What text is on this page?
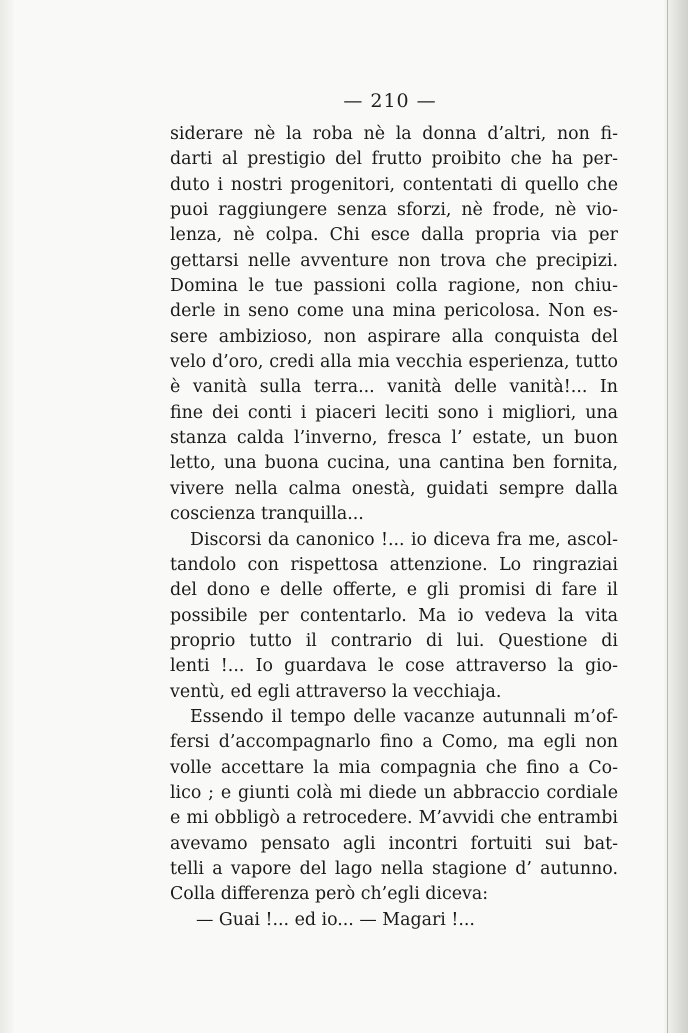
— 210 —
siderare nè la roba nè la donna d’altri, non fi-
darti al prestigio del frutto proibito che ha per-
duto i nostri progenitori, contentati di quello che
puoi raggiungere senza sforzi, nè frode, nè vio-
lenza, nè colpa. Chi esce dalla propria via per
gettarsi nelle avventure non trova che precipizi.
Domina le tue passioni colla ragione, non chiu-
derle in seno come una mina pericolosa. Non es-
sere ambizioso, non aspirare alla conquista del
velo d’oro, credi alla mia vecchia esperienza, tutto
è vanità sulla terra... vanità delle vanità!... In
fine dei conti i piaceri leciti sono i migliori, una
stanza calda l’inverno, fresca l’ estate, un buon
letto, una buona cucina, una cantina ben fornita,
vivere nella calma onestà, guidati sempre dalla
coscienza tranquilla...
Discorsi da canonico !... io diceva fra me, ascol-
tandolo con rispettosa attenzione. Lo ringraziai
del dono e delle offerte, e gli promisi di fare il
possibile per contentarlo. Ma io vedeva la vita
proprio tutto il contrario di lui. Questione di
lenti !... Io guardava le cose attraverso la gio-
ventù, ed egli attraverso la vecchiaja.
Essendo il tempo delle vacanze autunnali m’of-
fersi d’accompagnarlo fino a Como, ma egli non
volle accettare la mia compagnia che fino a Co-
lico ; e giunti colà mi diede un abbraccio cordiale
e mi obbligò a retrocedere. M’avvidi che entrambi
avevamo pensato agli incontri fortuiti sui bat-
telli a vapore del lago nella stagione d’ autunno.
Colla differenza però ch’egli diceva:
— Guai !... ed io... — Magari !...
